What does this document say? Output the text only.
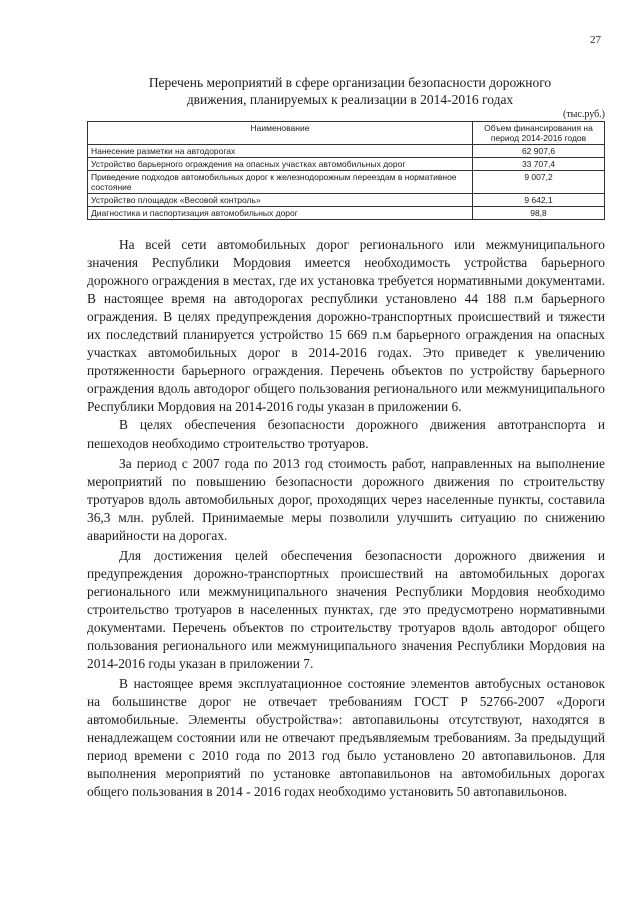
27
Перечень мероприятий в сфере организации безопасности дорожного
движения, планируемых к реализации в 2014-2016 годах
(тыс.руб.)
Наименование	Объем финансирования на период 2014-2016 годов
Нанесение разметки на автодорогах	62 907,6
Устройство барьерного ограждения на опасных участках автомобильных дорог	33 707,4
Приведение подходов автомобильных дорог к железнодорожным переездам в нормативное состояние	9 007,2
Устройство площадок «Весовой контроль»	9 642,1
Диагностика и паспортизация автомобильных дорог	98,8

На всей сети автомобильных дорог регионального или межмуниципального значения Республики Мордовия имеется необходимость устройства барьерного дорожного ограждения в местах, где их установка требуется нормативными документами. В настоящее время на автодорогах республики установлено 44 188 п.м барьерного ограждения. В целях предупреждения дорожно-транспортных происшествий и тяжести их последствий планируется устройство 15 669 п.м барьерного ограждения на опасных участках автомобильных дорог в 2014-2016 годах. Это приведет к увеличению протяженности барьерного ограждения. Перечень объектов по устройству барьерного ограждения вдоль автодорог общего пользования регионального или межмуниципального Республики Мордовия на 2014-2016 годы указан в приложении 6.

В целях обеспечения безопасности дорожного движения автотранспорта и пешеходов необходимо строительство тротуаров.

За период с 2007 года по 2013 год стоимость работ, направленных на выполнение мероприятий по повышению безопасности дорожного движения по строительству тротуаров вдоль автомобильных дорог, проходящих через населенные пункты, составила 36,3 млн. рублей. Принимаемые меры позволили улучшить ситуацию по снижению аварийности на дорогах.

Для достижения целей обеспечения безопасности дорожного движения и предупреждения дорожно-транспортных происшествий на автомобильных дорогах регионального или межмуниципального значения Республики Мордовия необходимо строительство тротуаров в населенных пунктах, где это предусмотрено нормативными документами. Перечень объектов по строительству тротуаров вдоль автодорог общего пользования регионального или межмуниципального значения Республики Мордовия на 2014-2016 годы указан в приложении 7.

В настоящее время эксплуатационное состояние элементов автобусных остановок на большинстве дорог не отвечает требованиям ГОСТ Р 52766-2007 «Дороги автомобильные. Элементы обустройства»: автопавильоны отсутствуют, находятся в ненадлежащем состоянии или не отвечают предъявляемым требованиям. За предыдущий период времени с 2010 года по 2013 год было установлено 20 автопавильонов. Для выполнения мероприятий по установке автопавильонов на автомобильных дорогах общего пользования в 2014 - 2016 годах необходимо установить 50 автопавильонов.
